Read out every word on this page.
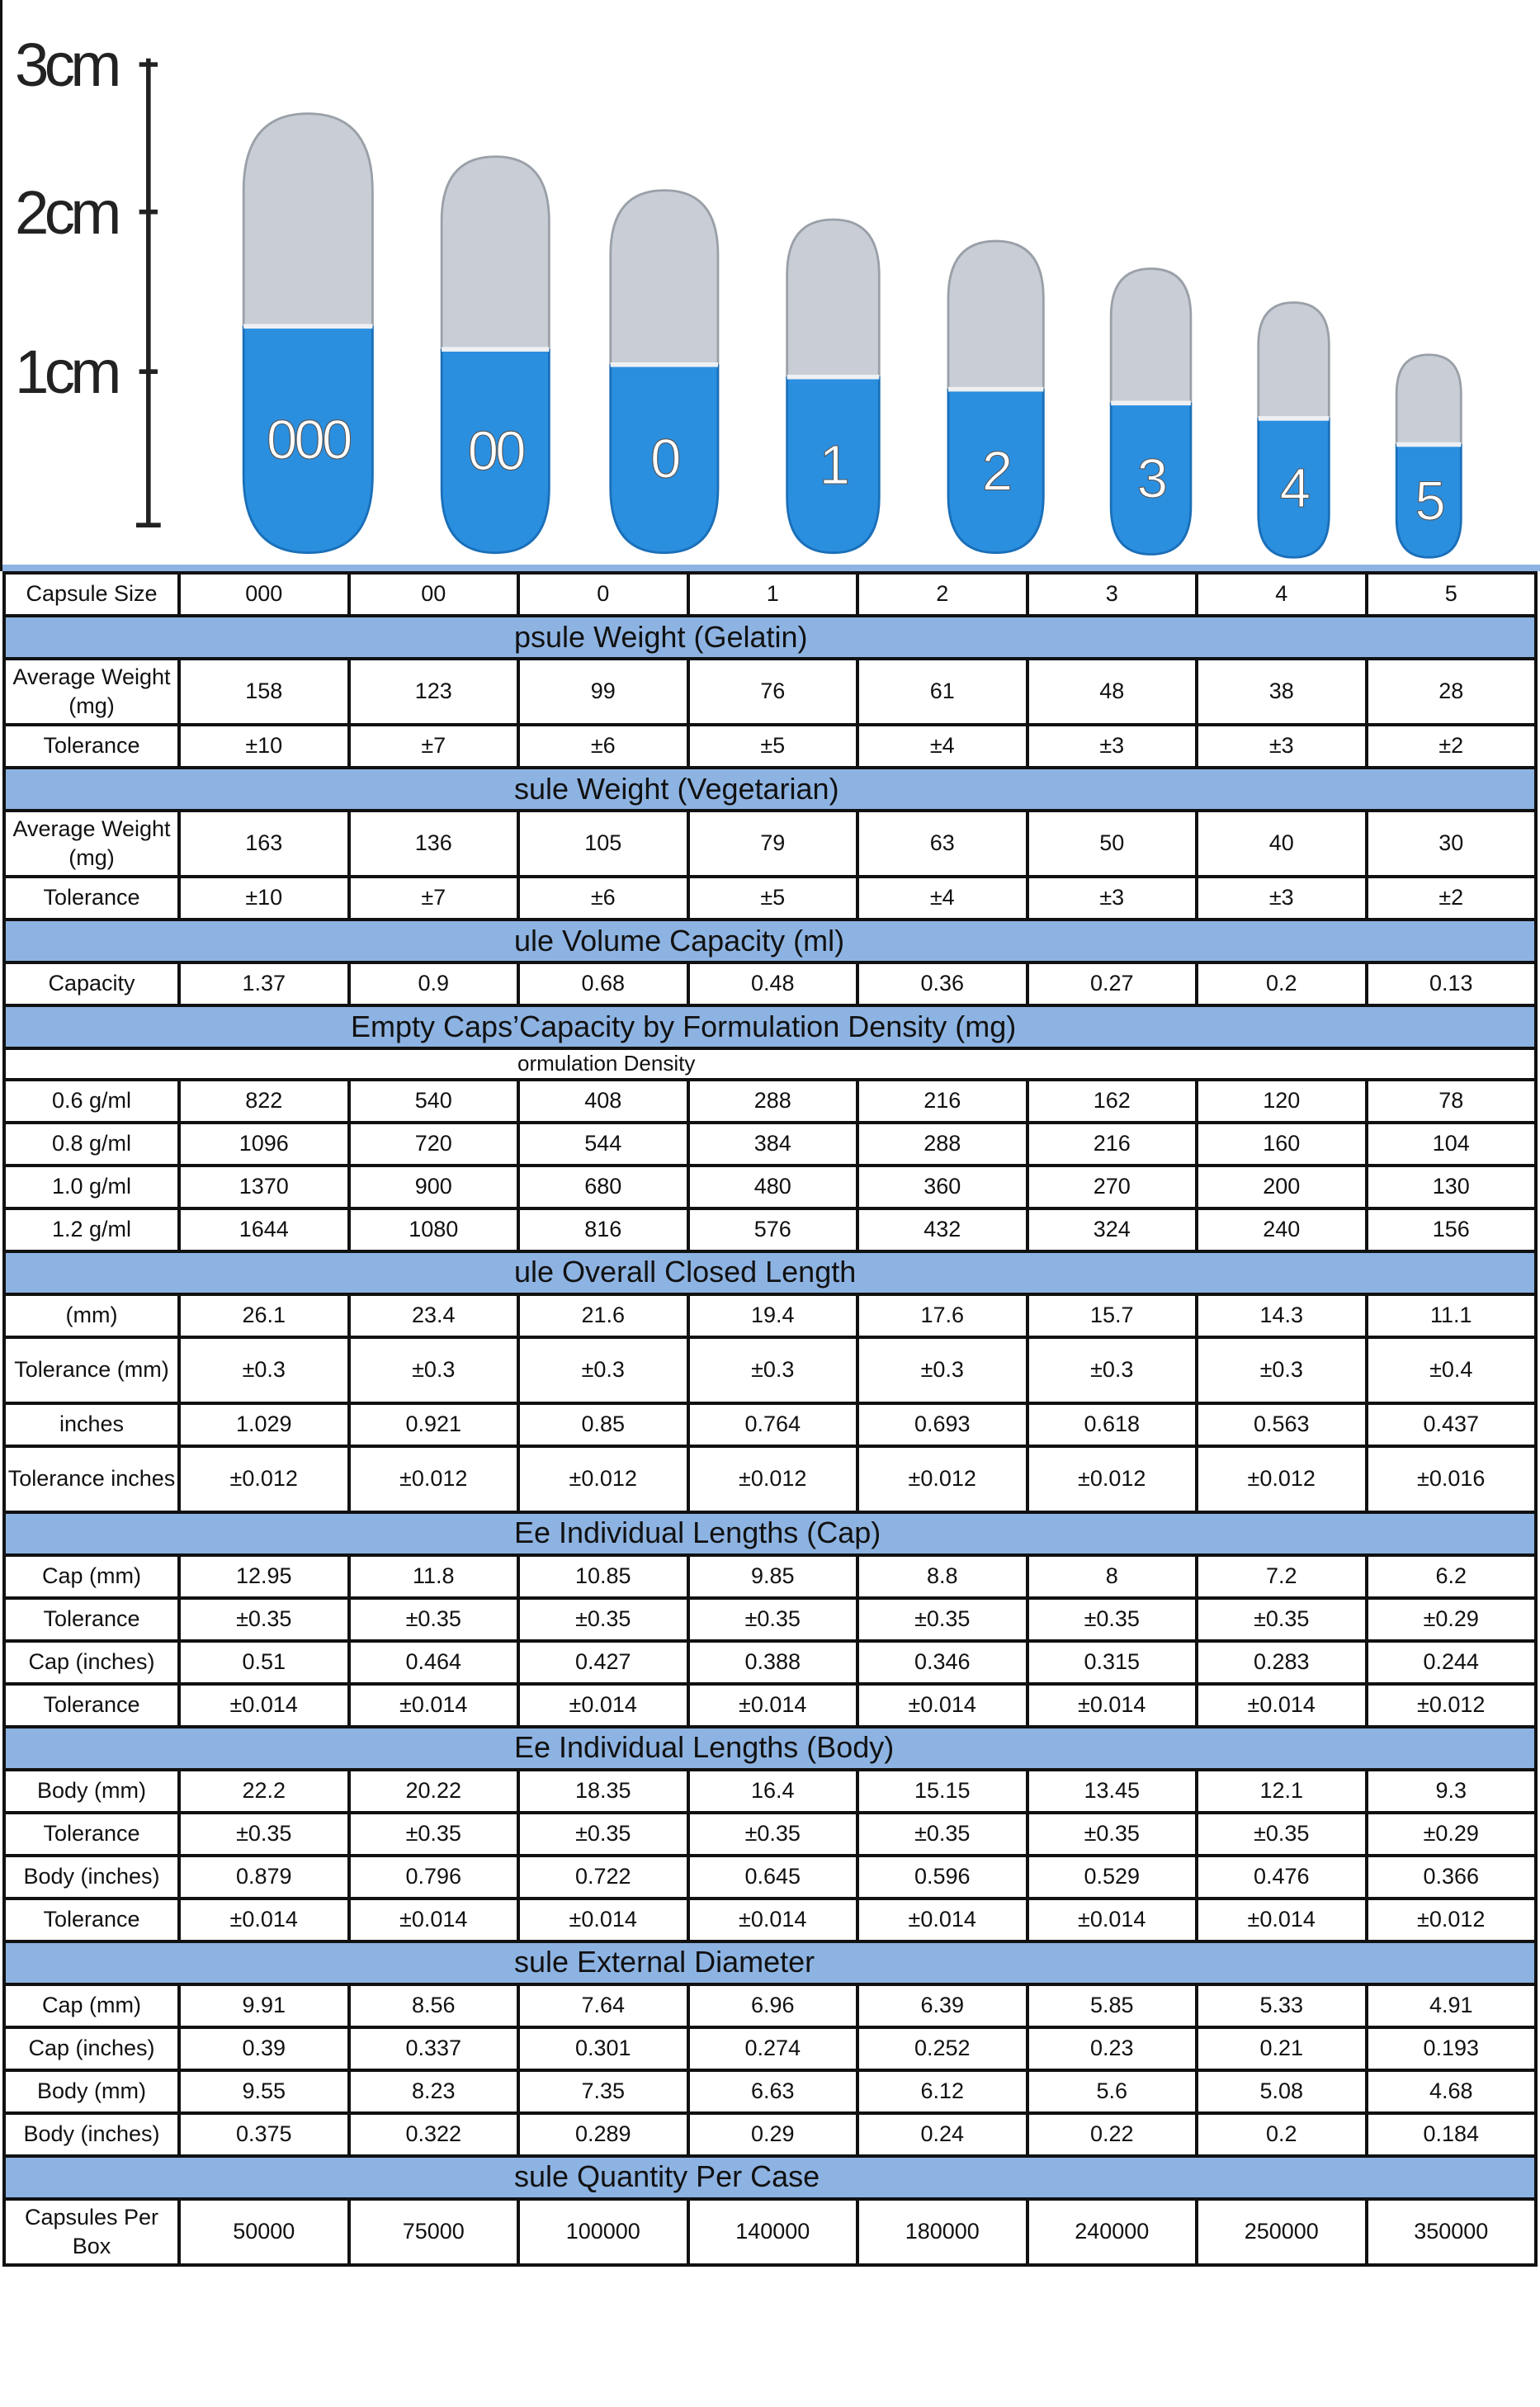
3cm
2cm
1cm
000	00	0	1	2	3	4	5
Capsule Size	000	00	0	1	2	3	4	5
psule Weight (Gelatin)								
Average Weight (mg)	158	123	99	76	61	48	38	28
Tolerance	±10	±7	±6	±5	±4	±3	±3	±2
sule Weight (Vegetarian)								
Average Weight (mg)	163	136	105	79	63	50	40	30
Tolerance	±10	±7	±6	±5	±4	±3	±3	±2
ule Volume Capacity (ml)								
Capacity	1.37	0.9	0.68	0.48	0.36	0.27	0.2	0.13
Empty Caps’Capacity by Formulation Density (mg)								
ormulation Density								
0.6 g/ml	822	540	408	288	216	162	120	78
0.8 g/ml	1096	720	544	384	288	216	160	104
1.0 g/ml	1370	900	680	480	360	270	200	130
1.2 g/ml	1644	1080	816	576	432	324	240	156
ule Overall Closed Length								
(mm)	26.1	23.4	21.6	19.4	17.6	15.7	14.3	11.1
Tolerance (mm)	±0.3	±0.3	±0.3	±0.3	±0.3	±0.3	±0.3	±0.4
inches	1.029	0.921	0.85	0.764	0.693	0.618	0.563	0.437
Tolerance inches	±0.012	±0.012	±0.012	±0.012	±0.012	±0.012	±0.012	±0.016
Ee Individual Lengths (Cap)								
Cap (mm)	12.95	11.8	10.85	9.85	8.8	8	7.2	6.2
Tolerance	±0.35	±0.35	±0.35	±0.35	±0.35	±0.35	±0.35	±0.29
Cap (inches)	0.51	0.464	0.427	0.388	0.346	0.315	0.283	0.244
Tolerance	±0.014	±0.014	±0.014	±0.014	±0.014	±0.014	±0.014	±0.012
Ee Individual Lengths (Body)								
Body (mm)	22.2	20.22	18.35	16.4	15.15	13.45	12.1	9.3
Tolerance	±0.35	±0.35	±0.35	±0.35	±0.35	±0.35	±0.35	±0.29
Body (inches)	0.879	0.796	0.722	0.645	0.596	0.529	0.476	0.366
Tolerance	±0.014	±0.014	±0.014	±0.014	±0.014	±0.014	±0.014	±0.012
sule External Diameter								
Cap (mm)	9.91	8.56	7.64	6.96	6.39	5.85	5.33	4.91
Cap (inches)	0.39	0.337	0.301	0.274	0.252	0.23	0.21	0.193
Body (mm)	9.55	8.23	7.35	6.63	6.12	5.6	5.08	4.68
Body (inches)	0.375	0.322	0.289	0.29	0.24	0.22	0.2	0.184
sule Quantity Per Case								
Capsules Per Box	50000	75000	100000	140000	180000	240000	250000	350000
